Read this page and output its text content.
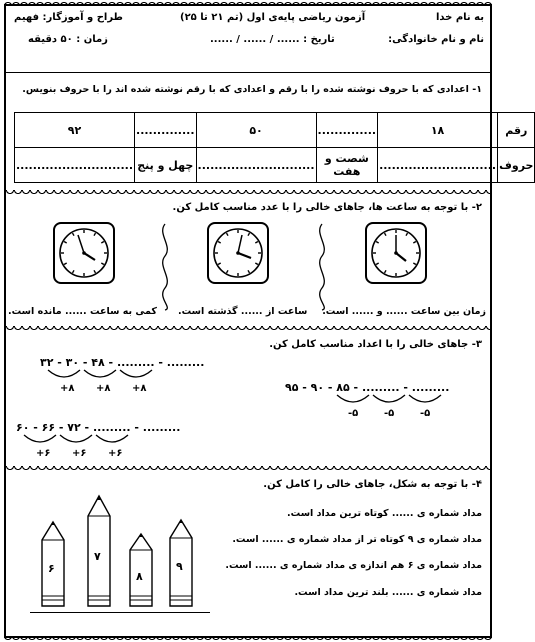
به نام خدا
آزمون ریاضی پایه‌ی اول (تم ۲۱ تا ۲۵)
طراح و آموزگار: فهیم
نام و نام خانوادگی:
تاریخ : ...... / ...... / ......
زمان : ۵۰ دقیقه
۱- اعدادی که با حروف نوشته شده را با رقم و اعدادی که با رقم نوشته شده اند را با حروف بنویس.
رقم	۱۸	..............	۵۰	..............	۹۲
حروف	............................	شصت و هفت	............................	چهل و پنج	............................
۲- با توجه به ساعت ها، جاهای خالی را با عدد مناسب کامل کن.
زمان بین ساعت ...... و ...... است.
ساعت از ...... گذشته است.
کمی به ساعت ...... مانده است.
۳- جاهای خالی را با اعداد مناسب کامل کن.
۳۲ - ۳۰ - ۴۸ - ......... - .........
+۸ +۸ +۸	۹۵ - ۹۰ - ۸۵ - ......... - .........
-۵	-۵	-۵
۶۰ - ۶۶ - ۷۲ - ......... - .........
+۶ +۶ +۶
۴- با توجه به شکل، جاهای خالی را کامل کن.
مداد شماره ی ...... کوتاه ترین مداد است.
مداد شماره ی ۹ کوتاه تر از مداد شماره ی ...... است.
مداد شماره ی ۶ هم اندازه ی مداد شماره ی ...... است.
مداد شماره ی ...... بلند ترین مداد است.
۶
۷
۸
۹
